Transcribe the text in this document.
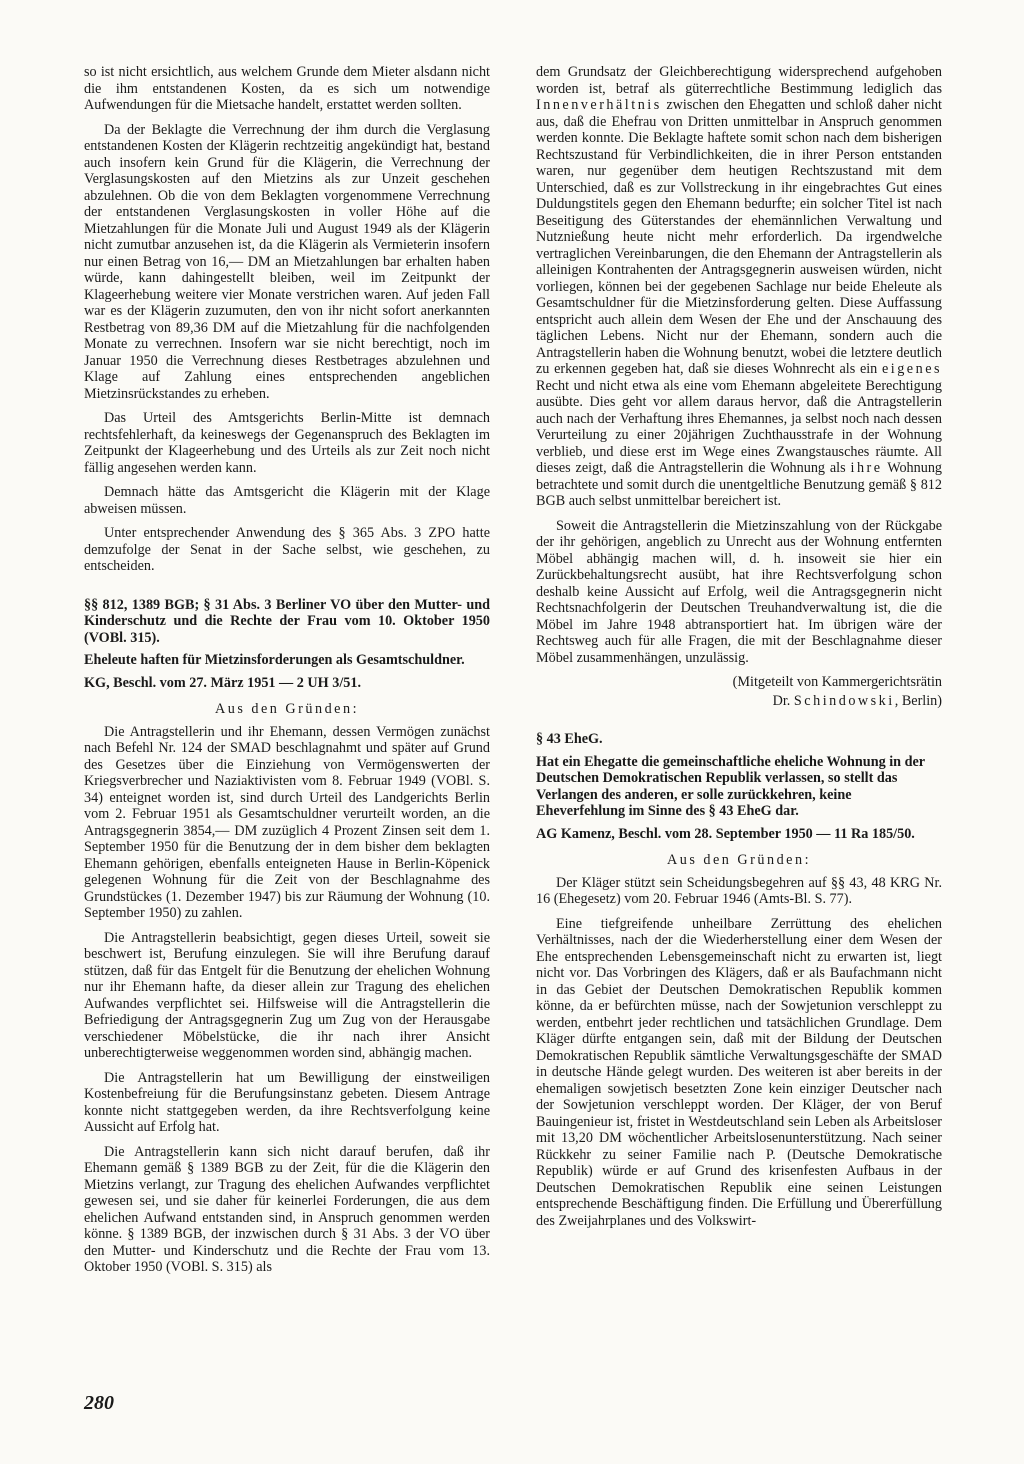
so ist nicht ersichtlich, aus welchem Grunde dem Mieter alsdann nicht die ihm entstandenen Kosten, da es sich um notwendige Aufwendungen für die Mietsache handelt, erstattet werden sollten.

Da der Beklagte die Verrechnung der ihm durch die Verglasung entstandenen Kosten der Klägerin rechtzeitig angekündigt hat, bestand auch insofern kein Grund für die Klägerin, die Verrechnung der Verglasungskosten auf den Mietzins als zur Unzeit geschehen abzulehnen. Ob die von dem Beklagten vorgenommene Verrechnung der entstandenen Verglasungskosten in voller Höhe auf die Mietzahlungen für die Monate Juli und August 1949 als der Klägerin nicht zumutbar anzusehen ist, da die Klägerin als Vermieterin insofern nur einen Betrag von 16,— DM an Mietzahlungen bar erhalten haben würde, kann dahingestellt bleiben, weil im Zeitpunkt der Klageerhebung weitere vier Monate verstrichen waren. Auf jeden Fall war es der Klägerin zuzumuten, den von ihr nicht sofort anerkannten Restbetrag von 89,36 DM auf die Mietzahlung für die nachfolgenden Monate zu verrechnen. Insofern war sie nicht berechtigt, noch im Januar 1950 die Verrechnung dieses Restbetrages abzulehnen und Klage auf Zahlung eines entsprechenden angeblichen Mietzinsrückstandes zu erheben.

Das Urteil des Amtsgerichts Berlin-Mitte ist demnach rechtsfehlerhaft, da keineswegs der Gegenanspruch des Beklagten im Zeitpunkt der Klageerhebung und des Urteils als zur Zeit noch nicht fällig angesehen werden kann.

Demnach hätte das Amtsgericht die Klägerin mit der Klage abweisen müssen.

Unter entsprechender Anwendung des § 365 Abs. 3 ZPO hatte demzufolge der Senat in der Sache selbst, wie geschehen, zu entscheiden.

§§ 812, 1389 BGB; § 31 Abs. 3 Berliner VO über den Mutter- und Kinderschutz und die Rechte der Frau vom 10. Oktober 1950 (VOBl. 315).
Eheleute haften für Mietzinsforderungen als Gesamtschuldner.
KG, Beschl. vom 27. März 1951 — 2 UH 3/51.
Aus den Gründen:

Die Antragstellerin und ihr Ehemann, dessen Vermögen zunächst nach Befehl Nr. 124 der SMAD beschlagnahmt und später auf Grund des Gesetzes über die Einziehung von Vermögenswerten der Kriegsverbrecher und Naziaktivisten vom 8. Februar 1949 (VOBl. S. 34) enteignet worden ist, sind durch Urteil des Landgerichts Berlin vom 2. Februar 1951 als Gesamtschuldner verurteilt worden, an die Antragsgegnerin 3854,— DM zuzüglich 4 Prozent Zinsen seit dem 1. September 1950 für die Benutzung der in dem bisher dem beklagten Ehemann gehörigen, ebenfalls enteigneten Hause in Berlin-Köpenick gelegenen Wohnung für die Zeit von der Beschlagnahme des Grundstückes (1. Dezember 1947) bis zur Räumung der Wohnung (10. September 1950) zu zahlen.

Die Antragstellerin beabsichtigt, gegen dieses Urteil, soweit sie beschwert ist, Berufung einzulegen. Sie will ihre Berufung darauf stützen, daß für das Entgelt für die Benutzung der ehelichen Wohnung nur ihr Ehemann hafte, da dieser allein zur Tragung des ehelichen Aufwandes verpflichtet sei. Hilfsweise will die Antragstellerin die Befriedigung der Antragsgegnerin Zug um Zug von der Herausgabe verschiedener Möbelstücke, die ihr nach ihrer Ansicht unberechtigterweise weggenommen worden sind, abhängig machen.

Die Antragstellerin hat um Bewilligung der einstweiligen Kostenbefreiung für die Berufungsinstanz gebeten. Diesem Antrage konnte nicht stattgegeben werden, da ihre Rechtsverfolgung keine Aussicht auf Erfolg hat.

Die Antragstellerin kann sich nicht darauf berufen, daß ihr Ehemann gemäß § 1389 BGB zu der Zeit, für die die Klägerin den Mietzins verlangt, zur Tragung des ehelichen Aufwandes verpflichtet gewesen sei, und sie daher für keinerlei Forderungen, die aus dem ehelichen Aufwand entstanden sind, in Anspruch genommen werden könne. § 1389 BGB, der inzwischen durch § 31 Abs. 3 der VO über den Mutter- und Kinderschutz und die Rechte der Frau vom 13. Oktober 1950 (VOBl. S. 315) als

dem Grundsatz der Gleichberechtigung widersprechend aufgehoben worden ist, betraf als güterrechtliche Bestimmung lediglich das Innenverhältnis zwischen den Ehegatten und schloß daher nicht aus, daß die Ehefrau von Dritten unmittelbar in Anspruch genommen werden konnte. Die Beklagte haftete somit schon nach dem bisherigen Rechtszustand für Verbindlichkeiten, die in ihrer Person entstanden waren, nur gegenüber dem heutigen Rechtszustand mit dem Unterschied, daß es zur Vollstreckung in ihr eingebrachtes Gut eines Duldungstitels gegen den Ehemann bedurfte; ein solcher Titel ist nach Beseitigung des Güterstandes der ehemännlichen Verwaltung und Nutznießung heute nicht mehr erforderlich. Da irgendwelche vertraglichen Vereinbarungen, die den Ehemann der Antragstellerin als alleinigen Kontrahenten der Antragsgegnerin ausweisen würden, nicht vorliegen, können bei der gegebenen Sachlage nur beide Eheleute als Gesamtschuldner für die Mietzinsforderung gelten. Diese Auffassung entspricht auch allein dem Wesen der Ehe und der Anschauung des täglichen Lebens. Nicht nur der Ehemann, sondern auch die Antragstellerin haben die Wohnung benutzt, wobei die letztere deutlich zu erkennen gegeben hat, daß sie dieses Wohnrecht als ein eigenes Recht und nicht etwa als eine vom Ehemann abgeleitete Berechtigung ausübte. Dies geht vor allem daraus hervor, daß die Antragstellerin auch nach der Verhaftung ihres Ehemannes, ja selbst noch nach dessen Verurteilung zu einer 20jährigen Zuchthausstrafe in der Wohnung verblieb, und diese erst im Wege eines Zwangstausches räumte. All dieses zeigt, daß die Antragstellerin die Wohnung als ihre Wohnung betrachtete und somit durch die unentgeltliche Benutzung gemäß § 812 BGB auch selbst unmittelbar bereichert ist.

Soweit die Antragstellerin die Mietzinszahlung von der Rückgabe der ihr gehörigen, angeblich zu Unrecht aus der Wohnung entfernten Möbel abhängig machen will, d. h. insoweit sie hier ein Zurückbehaltungsrecht ausübt, hat ihre Rechtsverfolgung schon deshalb keine Aussicht auf Erfolg, weil die Antragsgegnerin nicht Rechtsnachfolgerin der Deutschen Treuhandverwaltung ist, die die Möbel im Jahre 1948 abtransportiert hat. Im übrigen wäre der Rechtsweg auch für alle Fragen, die mit der Beschlagnahme dieser Möbel zusammenhängen, unzulässig.

(Mitgeteilt von Kammergerichtsrätin
Dr. Schindowski, Berlin)
§ 43 EheG.
Hat ein Ehegatte die gemeinschaftliche eheliche Wohnung in der Deutschen Demokratischen Republik verlassen, so stellt das Verlangen des anderen, er solle zurückkehren, keine Eheverfehlung im Sinne des § 43 EheG dar.
AG Kamenz, Beschl. vom 28. September 1950 — 11 Ra 185/50.
Aus den Gründen:

Der Kläger stützt sein Scheidungsbegehren auf §§ 43, 48 KRG Nr. 16 (Ehegesetz) vom 20. Februar 1946 (Amts-Bl. S. 77).

Eine tiefgreifende unheilbare Zerrüttung des ehelichen Verhältnisses, nach der die Wiederherstellung einer dem Wesen der Ehe entsprechenden Lebensgemeinschaft nicht zu erwarten ist, liegt nicht vor. Das Vorbringen des Klägers, daß er als Baufachmann nicht in das Gebiet der Deutschen Demokratischen Republik kommen könne, da er befürchten müsse, nach der Sowjetunion verschleppt zu werden, entbehrt jeder rechtlichen und tatsächlichen Grundlage. Dem Kläger dürfte entgangen sein, daß mit der Bildung der Deutschen Demokratischen Republik sämtliche Verwaltungsgeschäfte der SMAD in deutsche Hände gelegt wurden. Des weiteren ist aber bereits in der ehemaligen sowjetisch besetzten Zone kein einziger Deutscher nach der Sowjetunion verschleppt worden. Der Kläger, der von Beruf Bauingenieur ist, fristet in Westdeutschland sein Leben als Arbeitsloser mit 13,20 DM wöchentlicher Arbeitslosenunterstützung. Nach seiner Rückkehr zu seiner Familie nach P. (Deutsche Demokratische Republik) würde er auf Grund des krisenfesten Aufbaus in der Deutschen Demokratischen Republik eine seinen Leistungen entsprechende Beschäftigung finden. Die Erfüllung und Übererfüllung des Zweijahrplanes und des Volkswirt-

280
